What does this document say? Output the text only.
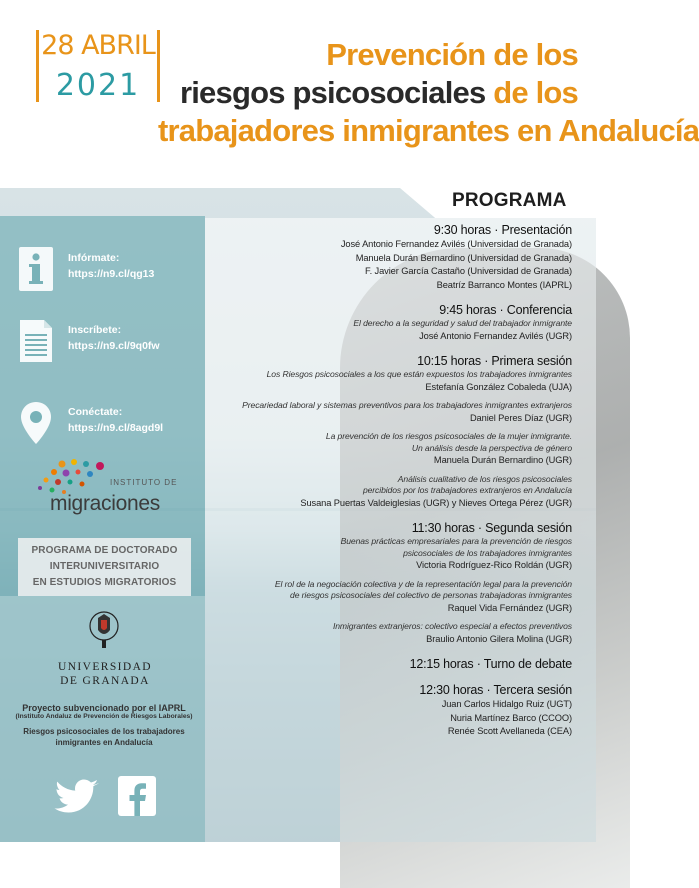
28 ABRIL
2021
Prevención de los
riesgos psicosociales de los
trabajadores inmigrantes en Andalucía
Infórmate:
https://n9.cl/qg13
Inscríbete:
https://n9.cl/9q0fw
Conéctate:
https://n9.cl/8agd9l
INSTITUTO DE
migraciones
PROGRAMA DE DOCTORADO
INTERUNIVERSITARIO
EN ESTUDIOS MIGRATORIOS
UNIVERSIDAD
DE GRANADA
Proyecto subvencionado por el IAPRL
(Instituto Andaluz de Prevención de Riesgos Laborales)
Riesgos psicosociales de los trabajadores
inmigrantes en Andalucía
PROGRAMA
9:30 horas · Presentación
José Antonio Fernandez Avilés (Universidad de Granada)
Manuela Durán Bernardino (Universidad de Granada)
F. Javier García Castaño (Universidad de Granada)
Beatríz Barranco Montes (IAPRL)
9:45 horas · Conferencia
El derecho a la seguridad y salud del trabajador inmigrante
José Antonio Fernandez Avilés (UGR)
10:15 horas · Primera sesión
Los Riesgos psicosociales a los que están expuestos los trabajadores inmigrantes
Estefanía González Cobaleda (UJA)
Precariedad laboral y sistemas preventivos para los trabajadores inmigrantes extranjeros
Daniel Peres Díaz (UGR)
La prevención de los riesgos psicosociales de la mujer inmigrante.
Un análisis desde la perspectiva de género
Manuela Durán Bernardino (UGR)
Análisis cualitativo de los riesgos psicosociales
percibidos por los trabajadores extranjeros en Andalucía
Susana Puertas Valdeiglesias (UGR) y Nieves Ortega Pérez (UGR)
11:30 horas · Segunda sesión
Buenas prácticas empresariales para la prevención de riesgos
psicosociales de los trabajadores inmigrantes
Victoria Rodríguez-Rico Roldán (UGR)
El rol de la negociación colectiva y de la representación legal para la prevención
de riesgos psicosociales del colectivo de personas trabajadoras inmigrantes
Raquel Vida Fernández (UGR)
Inmigrantes extranjeros: colectivo especial a efectos preventivos
Braulio Antonio Gilera Molina (UGR)
12:15 horas · Turno de debate
12:30 horas · Tercera sesión
Juan Carlos Hidalgo Ruiz (UGT)
Nuria Martínez Barco (CCOO)
Renée Scott Avellaneda (CEA)
